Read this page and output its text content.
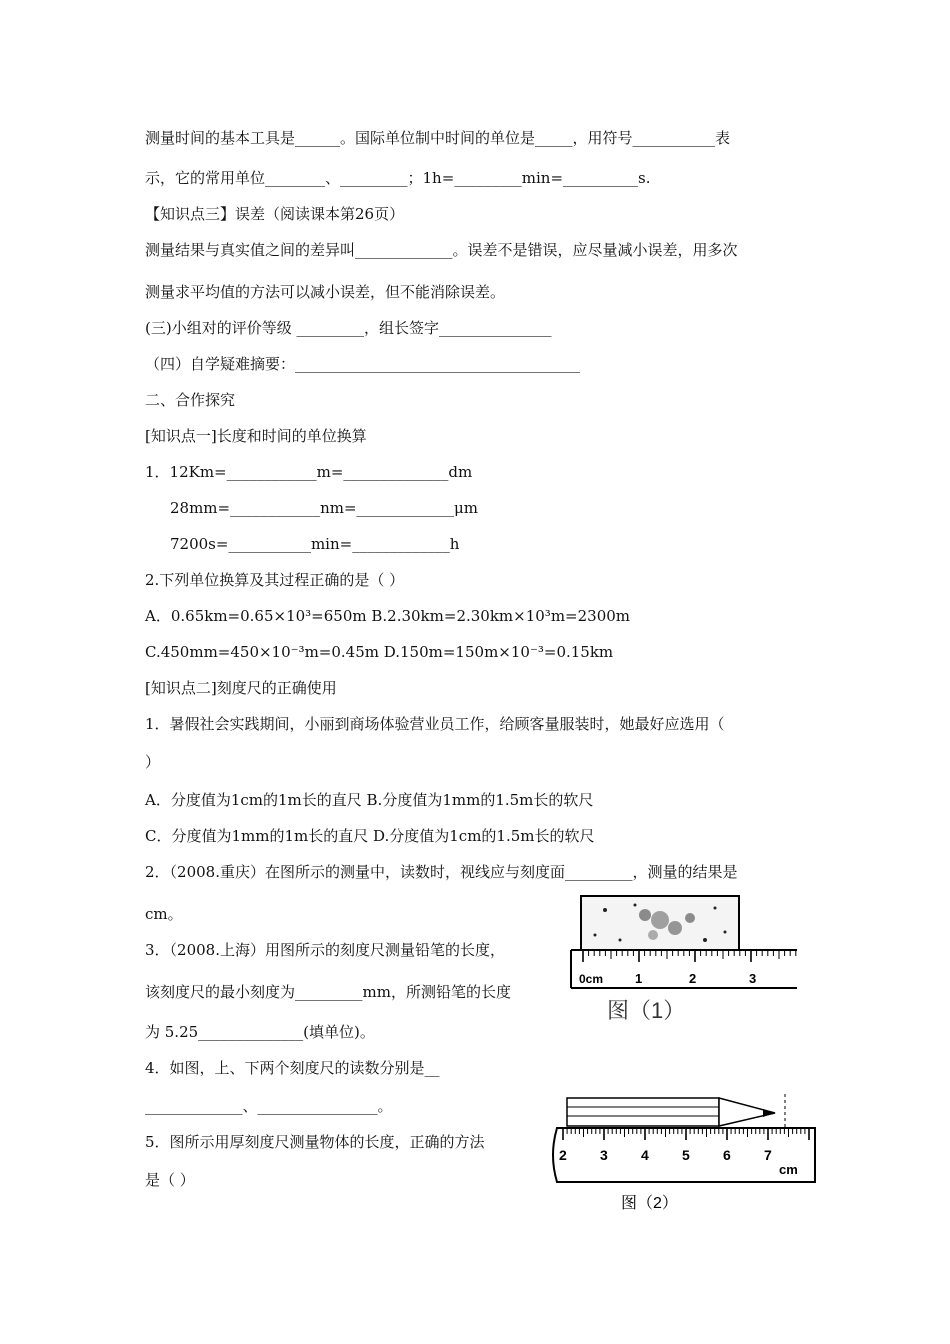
测量时间的基本工具是______。国际单位制中时间的单位是_____，用符号___________表
示，它的常用单位________、_________；1h=_________min=__________s.
【知识点三】误差（阅读课本第26页）
测量结果与真实值之间的差异叫_____________。误差不是错误，应尽量减小误差，用多次
测量求平均值的方法可以减小误差，但不能消除误差。
(三)小组对的评价等级 _________，组长签字_______________
（四）自学疑难摘要：______________________________________
二、合作探究
[知识点一]长度和时间的单位换算
1．12Km=____________m=______________dm
28mm=____________nm=_____________μm
7200s=___________min=_____________h
2.下列单位换算及其过程正确的是（ ）
A．0.65km=0.65×10³=650m B.2.30km=2.30km×10³m=2300m
C.450mm=450×10⁻³m=0.45m D.150m=150m×10⁻³=0.15km
[知识点二]刻度尺的正确使用
1．暑假社会实践期间，小丽到商场体验营业员工作，给顾客量服装时，她最好应选用（
）
A．分度值为1cm的1m长的直尺 B.分度值为1mm的1.5m长的软尺
C．分度值为1mm的1m长的直尺 D.分度值为1cm的1.5m长的软尺
2．（2008.重庆）在图所示的测量中，读数时，视线应与刻度面_________，测量的结果是
cm。
3．（2008.上海）用图所示的刻度尺测量铅笔的长度，
该刻度尺的最小刻度为_________mm，所测铅笔的长度
为 5.25______________(填单位)。
4．如图，上、下两个刻度尺的读数分别是__
_____________、________________。
5．图所示用厚刻度尺测量物体的长度，正确的方法
是（ ）
0cm 1	2	3
图（1）
2 3 4 5 6 7
cm
图（2）
